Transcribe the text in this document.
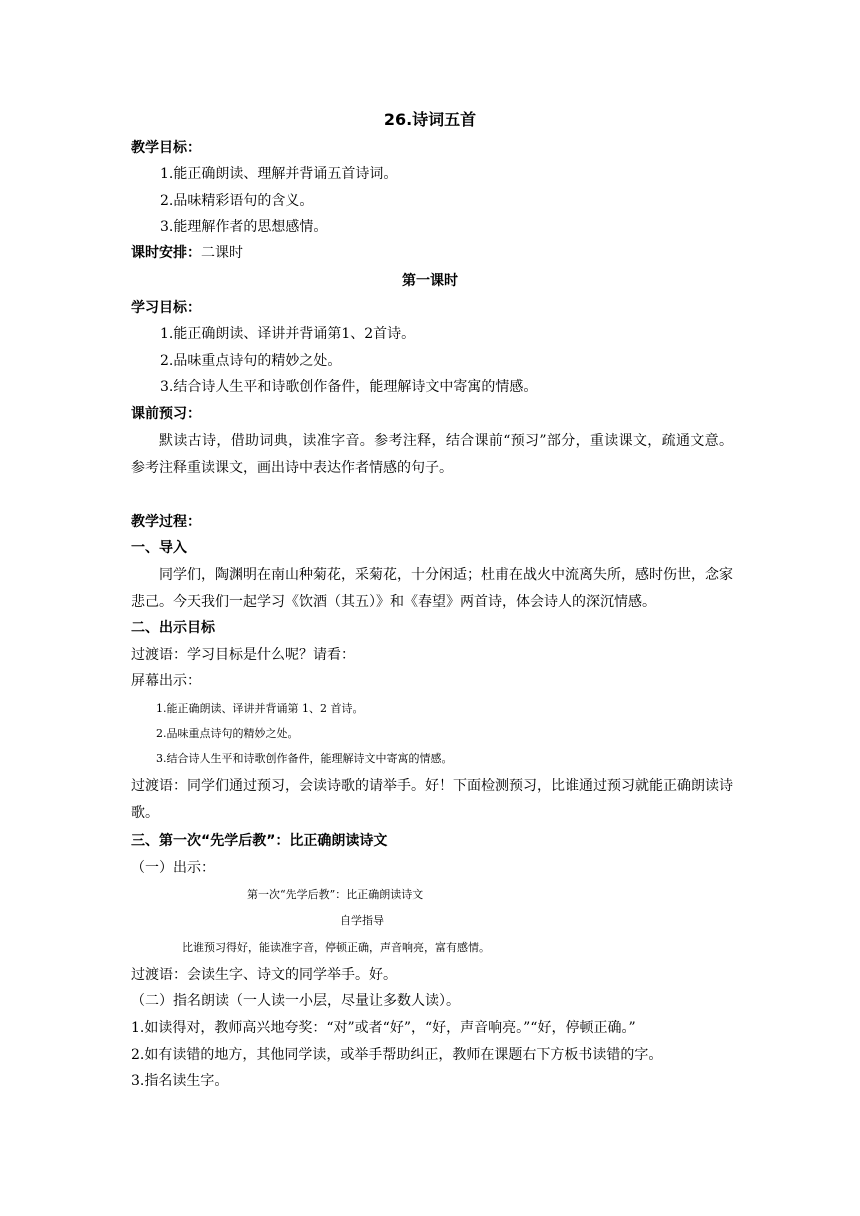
26.诗词五首
教学目标：
1.能正确朗读、理解并背诵五首诗词。
2.品味精彩语句的含义。
3.能理解作者的思想感情。
课时安排：二课时
第一课时
学习目标：
1.能正确朗读、译讲并背诵第1、2首诗。
2.品味重点诗句的精妙之处。
3.结合诗人生平和诗歌创作备件，能理解诗文中寄寓的情感。
课前预习：
默读古诗，借助词典，读准字音。参考注释，结合课前“预习”部分，重读课文，疏通文意。参考注释重读课文，画出诗中表达作者情感的句子。
教学过程：
一、导入
同学们，陶渊明在南山种菊花，采菊花，十分闲适；杜甫在战火中流离失所，感时伤世，念家悲己。今天我们一起学习《饮酒（其五）》和《春望》两首诗，体会诗人的深沉情感。
二、出示目标
过渡语：学习目标是什么呢？请看：
屏幕出示：
1.能正确朗读、译讲并背诵第 1、2 首诗。
2.品味重点诗句的精妙之处。
3.结合诗人生平和诗歌创作备件，能理解诗文中寄寓的情感。
过渡语：同学们通过预习，会读诗歌的请举手。好！下面检测预习，比谁通过预习就能正确朗读诗歌。
三、第一次“先学后教”：比正确朗读诗文
（一）出示：
第一次“先学后教”：比正确朗读诗文
自学指导
比谁预习得好，能读准字音，停顿正确，声音响亮，富有感情。
过渡语：会读生字、诗文的同学举手。好。
（二）指名朗读（一人读一小层，尽量让多数人读）。
1.如读得对，教师高兴地夸奖：“对”或者“好”，“好，声音响亮。”“好，停顿正确。”
2.如有读错的地方，其他同学读，或举手帮助纠正，教师在课题右下方板书读错的字。
3.指名读生字。
